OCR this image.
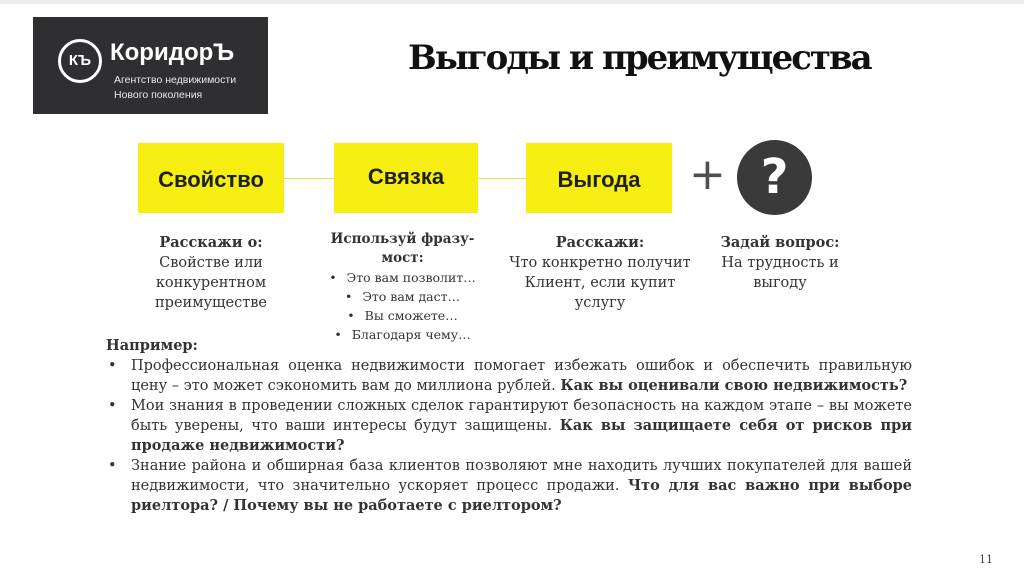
КЪ КоридорЪ
Агентство недвижимости
Нового поколения
Выгоды и преимущества
Свойство	Связка	Выгода	+ ?
Расскажи о:
Свойстве или
конкурентном
преимуществе
Используй фразу-мост:
• Это вам позволит…
• Это вам даст…
• Вы сможете…
• Благодаря чему…
Расскажи:
Что конкретно получит
Клиент, если купит
услугу
Задай вопрос:
На трудность и
выгоду
Например:
• Профессиональная оценка недвижимости помогает избежать ошибок и обеспечить правильную цену – это может сэкономить вам до миллиона рублей. Как вы оценивали свою недвижимость?
• Мои знания в проведении сложных сделок гарантируют безопасность на каждом этапе – вы можете быть уверены, что ваши интересы будут защищены. Как вы защищаете себя от рисков при продаже недвижимости?
• Знание района и обширная база клиентов позволяют мне находить лучших покупателей для вашей недвижимости, что значительно ускоряет процесс продажи. Что для вас важно при выборе риелтора? / Почему вы не работаете с риелтором?
11
